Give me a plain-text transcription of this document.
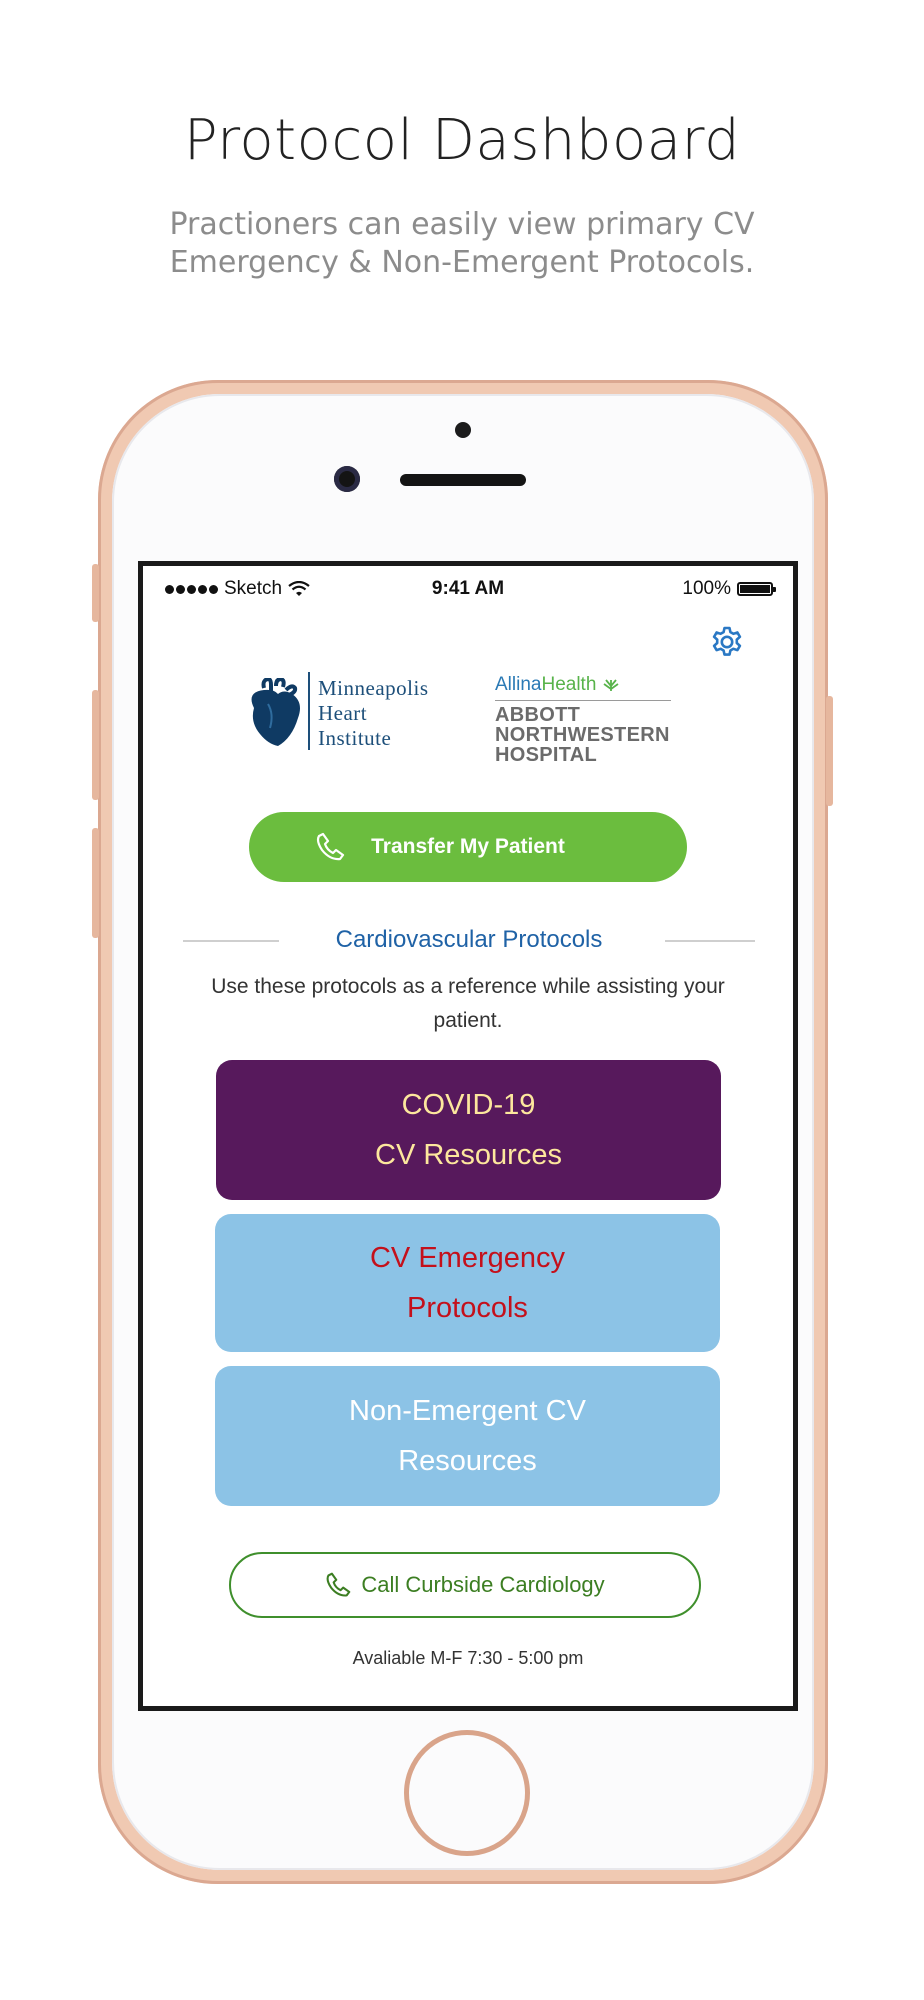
Protocol Dashboard
Practioners can easily view primary CV Emergency & Non-Emergent Protocols.
Sketch	9:41 AM	100%
Minneapolis
Heart
Institute
AllinaHealth
ABBOTT
NORTHWESTERN
HOSPITAL
Transfer My Patient
Cardiovascular Protocols
Use these protocols as a reference while assisting your patient.
COVID-19
CV Resources
CV Emergency
Protocols
Non-Emergent CV
Resources
Call Curbside Cardiology
Avaliable M-F 7:30 - 5:00 pm
